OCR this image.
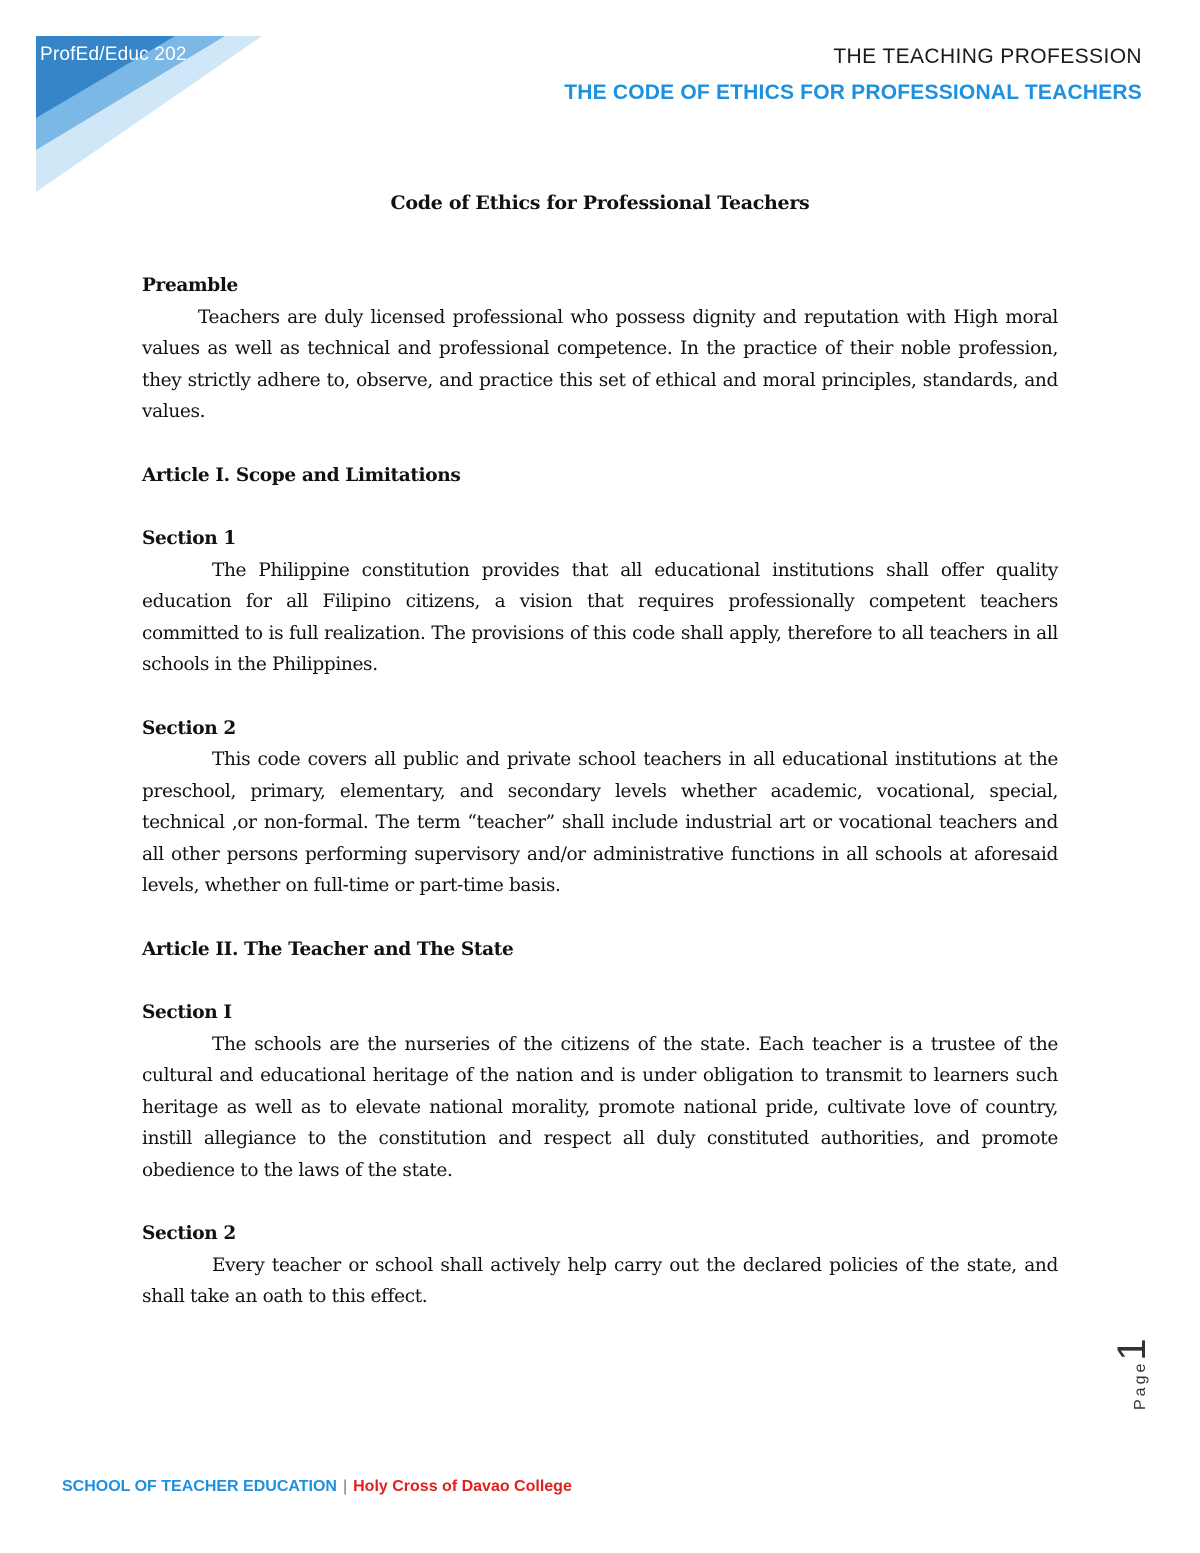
ProfEd/Educ 202	THE TEACHING PROFESSION
THE CODE OF ETHICS FOR PROFESSIONAL TEACHERS
Code of Ethics for Professional Teachers

Preamble

Teachers are duly licensed professional who possess dignity and reputation with High moral values as well as technical and professional competence. In the practice of their noble profession, they strictly adhere to, observe, and practice this set of ethical and moral principles, standards, and values.

Article I. Scope and Limitations

Section 1

The Philippine constitution provides that all educational institutions shall offer quality education for all Filipino citizens, a vision that requires professionally competent teachers committed to is full realization. The provisions of this code shall apply, therefore to all teachers in all schools in the Philippines.

Section 2

This code covers all public and private school teachers in all educational institutions at the preschool, primary, elementary, and secondary levels whether academic, vocational, special, technical ,or non-formal. The term “teacher” shall include industrial art or vocational teachers and all other persons performing supervisory and/or administrative functions in all schools at aforesaid levels, whether on full-time or part-time basis.

Article II. The Teacher and The State

Section I

The schools are the nurseries of the citizens of the state. Each teacher is a trustee of the cultural and educational heritage of the nation and is under obligation to transmit to learners such heritage as well as to elevate national morality, promote national pride, cultivate love of country, instill allegiance to the constitution and respect all duly constituted authorities, and promote obedience to the laws of the state.

Section 2

Every teacher or school shall actively help carry out the declared policies of the state, and shall take an oath to this effect.

Page1
SCHOOL OF TEACHER EDUCATION | Holy Cross of Davao College
